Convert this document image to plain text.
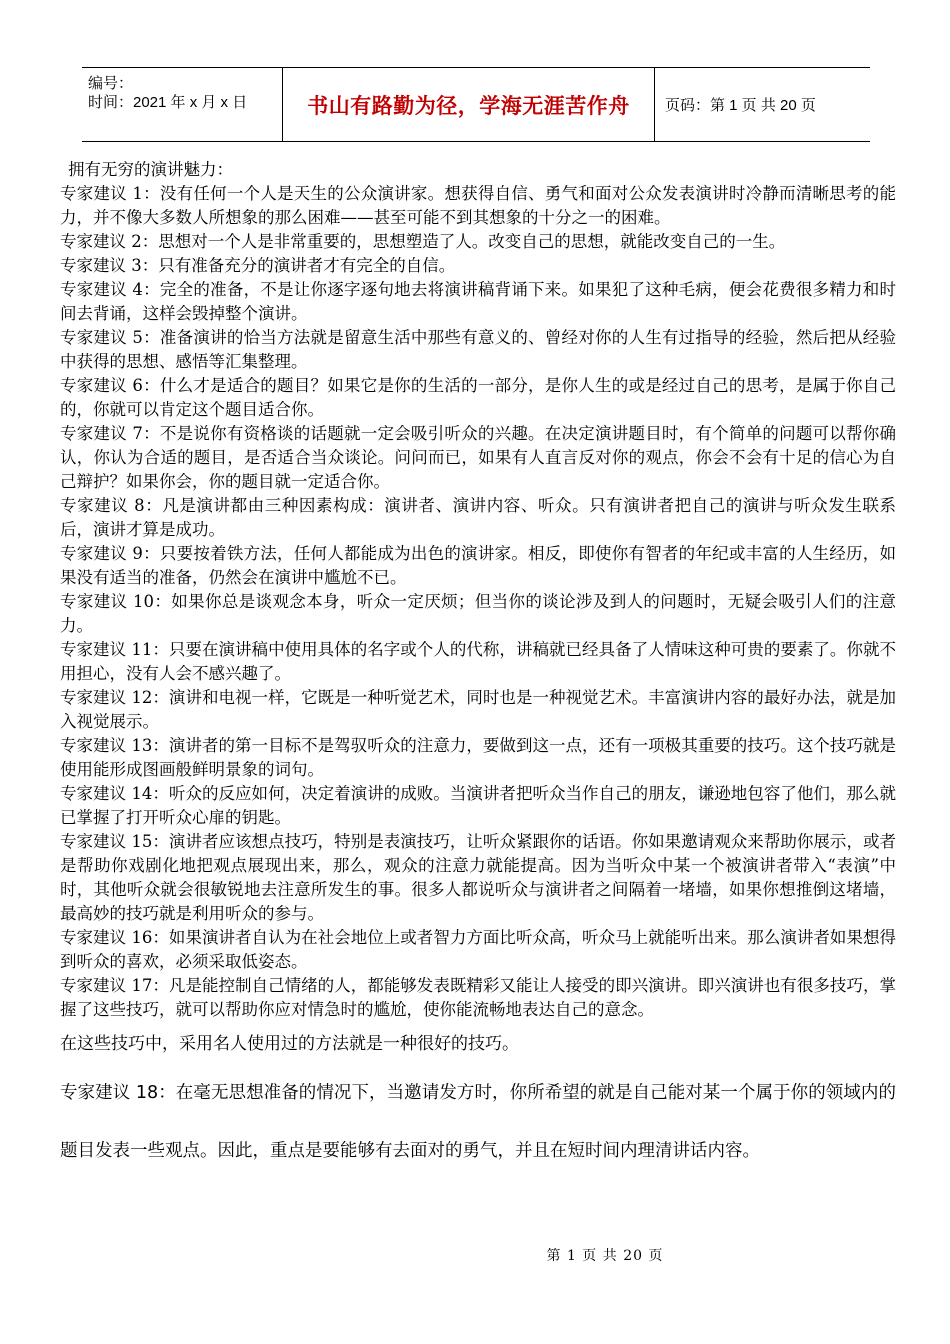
编号：
时间：2021 年 x 月 x 日	书山有路勤为径，学海无涯苦作舟 页码：第 1 页 共 20 页

拥有无穷的演讲魅力：

专家建议 1：没有任何一个人是天生的公众演讲家。想获得自信、勇气和面对公众发表演讲时冷静而清晰思考的能力，并不像大多数人所想象的那么困难——甚至可能不到其想象的十分之一的困难。

专家建议 2：思想对一个人是非常重要的，思想塑造了人。改变自己的思想，就能改变自己的一生。

专家建议 3：只有准备充分的演讲者才有完全的自信。

专家建议 4：完全的准备，不是让你逐字逐句地去将演讲稿背诵下来。如果犯了这种毛病，便会花费很多精力和时间去背诵，这样会毁掉整个演讲。

专家建议 5：准备演讲的恰当方法就是留意生活中那些有意义的、曾经对你的人生有过指导的经验，然后把从经验中获得的思想、感悟等汇集整理。

专家建议 6：什么才是适合的题目？如果它是你的生活的一部分，是你人生的或是经过自己的思考，是属于你自己的，你就可以肯定这个题目适合你。

专家建议 7：不是说你有资格谈的话题就一定会吸引听众的兴趣。在决定演讲题目时，有个简单的问题可以帮你确认，你认为合适的题目，是否适合当众谈论。问问而已，如果有人直言反对你的观点，你会不会有十足的信心为自己辩护？如果你会，你的题目就一定适合你。

专家建议 8：凡是演讲都由三种因素构成：演讲者、演讲内容、听众。只有演讲者把自己的演讲与听众发生联系后，演讲才算是成功。

专家建议 9：只要按着铁方法，任何人都能成为出色的演讲家。相反，即使你有智者的年纪或丰富的人生经历，如果没有适当的准备，仍然会在演讲中尴尬不已。

专家建议 10：如果你总是谈观念本身，听众一定厌烦；但当你的谈论涉及到人的问题时，无疑会吸引人们的注意力。

专家建议 11：只要在演讲稿中使用具体的名字或个人的代称，讲稿就已经具备了人情味这种可贵的要素了。你就不用担心，没有人会不感兴趣了。

专家建议 12：演讲和电视一样，它既是一种听觉艺术，同时也是一种视觉艺术。丰富演讲内容的最好办法，就是加入视觉展示。

专家建议 13：演讲者的第一目标不是驾驭听众的注意力，要做到这一点，还有一项极其重要的技巧。这个技巧就是使用能形成图画般鲜明景象的词句。

专家建议 14：听众的反应如何，决定着演讲的成败。当演讲者把听众当作自己的朋友，谦逊地包容了他们，那么就已掌握了打开听众心扉的钥匙。

专家建议 15：演讲者应该想点技巧，特别是表演技巧，让听众紧跟你的话语。你如果邀请观众来帮助你展示，或者是帮助你戏剧化地把观点展现出来，那么，观众的注意力就能提高。因为当听众中某一个被演讲者带入“表演”中时，其他听众就会很敏锐地去注意所发生的事。很多人都说听众与演讲者之间隔着一堵墙，如果你想推倒这堵墙，最高妙的技巧就是利用听众的参与。

专家建议 16：如果演讲者自认为在社会地位上或者智力方面比听众高，听众马上就能听出来。那么演讲者如果想得到听众的喜欢，必须采取低姿态。

专家建议 17：凡是能控制自己情绪的人，都能够发表既精彩又能让人接受的即兴演讲。即兴演讲也有很多技巧，掌握了这些技巧，就可以帮助你应对情急时的尴尬，使你能流畅地表达自己的意念。

在这些技巧中，采用名人使用过的方法就是一种很好的技巧。

专家建议 18：在毫无思想准备的情况下，当邀请发方时，你所希望的就是自己能对某一个属于你的领域内的题目发表一些观点。因此，重点是要能够有去面对的勇气，并且在短时间内理清讲话内容。

第 1 页 共 20 页
